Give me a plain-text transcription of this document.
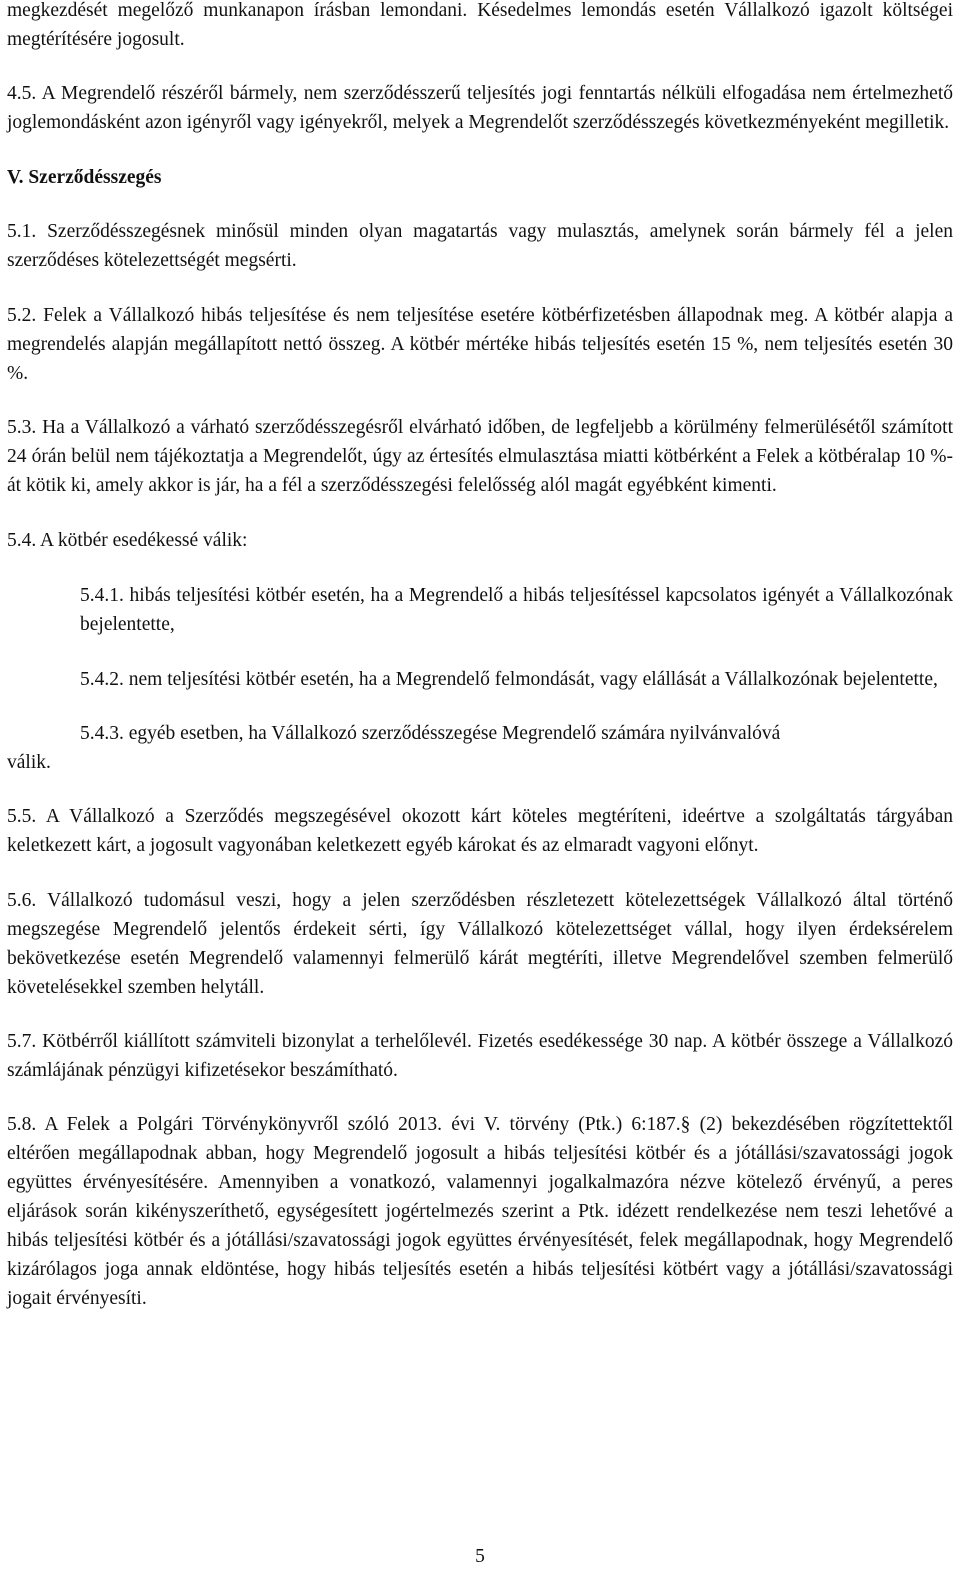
megkezdését megelőző munkanapon írásban lemondani. Késedelmes lemondás esetén Vállalkozó igazolt költségei megtérítésére jogosult.

4.5. A Megrendelő részéről bármely, nem szerződésszerű teljesítés jogi fenntartás nélküli elfogadása nem értelmezhető joglemondásként azon igényről vagy igényekről, melyek a Megrendelőt szerződésszegés következményeként megilletik.

V. Szerződésszegés

5.1. Szerződésszegésnek minősül minden olyan magatartás vagy mulasztás, amelynek során bármely fél a jelen szerződéses kötelezettségét megsérti.

5.2. Felek a Vállalkozó hibás teljesítése és nem teljesítése esetére kötbérfizetésben állapodnak meg. A kötbér alapja a megrendelés alapján megállapított nettó összeg. A kötbér mértéke hibás teljesítés esetén 15 %, nem teljesítés esetén 30 %.

5.3. Ha a Vállalkozó a várható szerződésszegésről elvárható időben, de legfeljebb a körülmény felmerülésétől számított 24 órán belül nem tájékoztatja a Megrendelőt, úgy az értesítés elmulasztása miatti kötbérként a Felek a kötbéralap 10 %-át kötik ki, amely akkor is jár, ha a fél a szerződésszegési felelősség alól magát egyébként kimenti.

5.4. A kötbér esedékessé válik:

5.4.1. hibás teljesítési kötbér esetén, ha a Megrendelő a hibás teljesítéssel kapcsolatos igényét a Vállalkozónak bejelentette,

5.4.2. nem teljesítési kötbér esetén, ha a Megrendelő felmondását, vagy elállását a Vállalkozónak bejelentette,

5.4.3. egyéb esetben, ha Vállalkozó szerződésszegése Megrendelő számára nyilvánvalóvá

válik.

5.5. A Vállalkozó a Szerződés megszegésével okozott kárt köteles megtéríteni, ideértve a szolgáltatás tárgyában keletkezett kárt, a jogosult vagyonában keletkezett egyéb károkat és az elmaradt vagyoni előnyt.

5.6. Vállalkozó tudomásul veszi, hogy a jelen szerződésben részletezett kötelezettségek Vállalkozó által történő megszegése Megrendelő jelentős érdekeit sérti, így Vállalkozó kötelezettséget vállal, hogy ilyen érdeksérelem bekövetkezése esetén Megrendelő valamennyi felmerülő kárát megtéríti, illetve Megrendelővel szemben felmerülő követelésekkel szemben helytáll.

5.7. Kötbérről kiállított számviteli bizonylat a terhelőlevél. Fizetés esedékessége 30 nap. A kötbér összege a Vállalkozó számlájának pénzügyi kifizetésekor beszámítható.

5.8. A Felek a Polgári Törvénykönyvről szóló 2013. évi V. törvény (Ptk.) 6:187.§ (2) bekezdésében rögzítettektől eltérően megállapodnak abban, hogy Megrendelő jogosult a hibás teljesítési kötbér és a jótállási/szavatossági jogok együttes érvényesítésére. Amennyiben a vonatkozó, valamennyi jogalkalmazóra nézve kötelező érvényű, a peres eljárások során kikényszeríthető, egységesített jogértelmezés szerint a Ptk. idézett rendelkezése nem teszi lehetővé a hibás teljesítési kötbér és a jótállási/szavatossági jogok együttes érvényesítését, felek megállapodnak, hogy Megrendelő kizárólagos joga annak eldöntése, hogy hibás teljesítés esetén a hibás teljesítési kötbért vagy a jótállási/szavatossági jogait érvényesíti.

5
